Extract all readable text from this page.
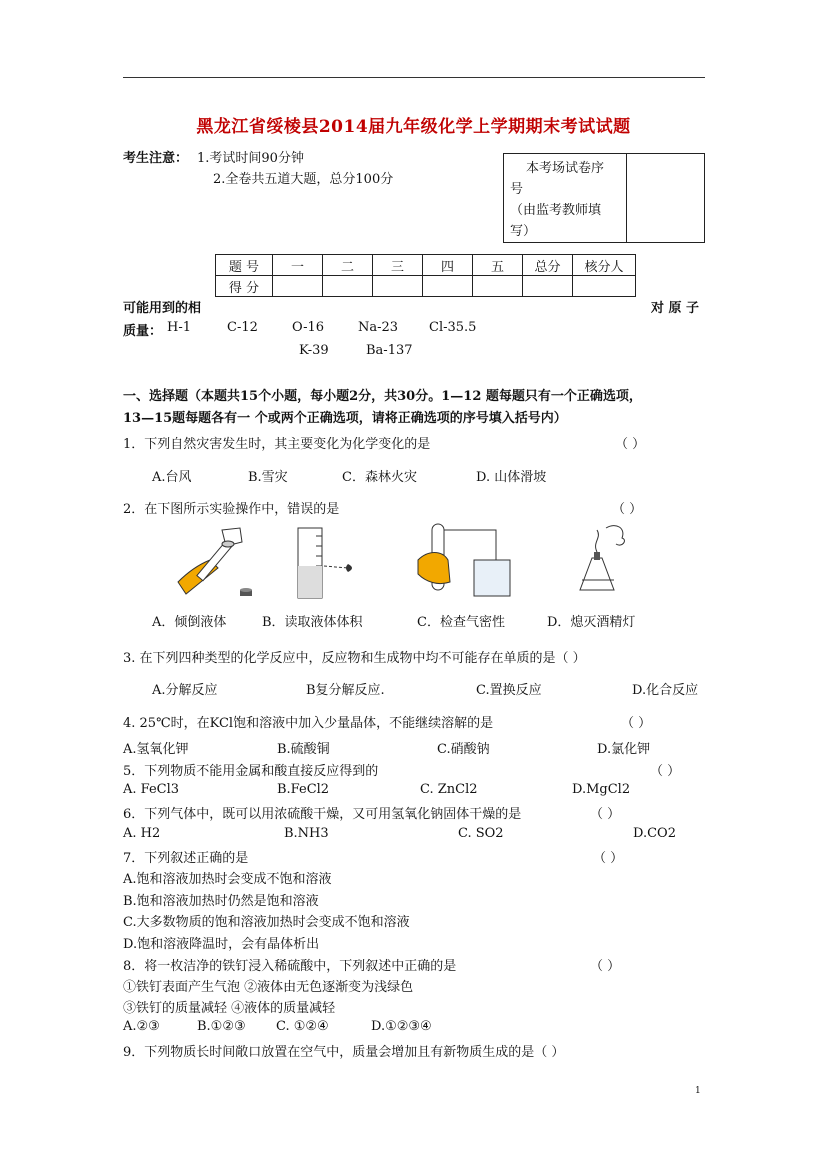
黑龙江省绥棱县2014届九年级化学上学期期末考试试题
考生注意： 1.考试时间90分钟
2.全卷共五道大题，总分100分
本考场试卷序
号
（由监考教师填
写）
题 号	一	二	三	四	五	总分	核分人
得 分							
可能用到的相	对 原 子
质量： H-1	C-12	O-16	Na-23 Cl-35.5
K-39	Ba-137
一、选择题（本题共15个小题，每小题2分，共30分。1—12 题每题只有一个正确选项，
13—15题每题各有一 个或两个正确选项，请将正确选项的序号填入括号内）
1．下列自然灾害发生时，其主要变化为化学变化的是	（ ）
A.台风	B.雪灾	C．森林火灾	D. 山体滑坡
2．在下图所示实验操作中，错误的是	（ ）
A．倾倒液体	B．读取液体体积	C．检查气密性	D．熄灭酒精灯
3. 在下列四种类型的化学反应中，反应物和生成物中均不可能存在单质的是（ ）
A.分解反应	B复分解反应.	C.置换反应	D.化合反应
4. 25℃时，在KCl饱和溶液中加入少量晶体，不能继续溶解的是	（ ）
A.氢氧化钾	B.硫酸铜	C.硝酸钠	D.氯化钾
5．下列物质不能用金属和酸直接反应得到的	（ ）
A. FeCl3	B.FeCl2	C. ZnCl2	D.MgCl2
6．下列气体中，既可以用浓硫酸干燥，又可用氢氧化钠固体干燥的是	（ ）
A. H2	B.NH3	C. SO2	D.CO2
7．下列叙述正确的是	（ ）
A.饱和溶液加热时会变成不饱和溶液
B.饱和溶液加热时仍然是饱和溶液
C.大多数物质的饱和溶液加热时会变成不饱和溶液
D.饱和溶液降温时，会有晶体析出
8．将一枚洁净的铁钉浸入稀硫酸中，下列叙述中正确的是	（ ）
①铁钉表面产生气泡 ②液体由无色逐渐变为浅绿色
③铁钉的质量减轻 ④液体的质量减轻
A.②③	B.①②③ C. ①②④	D.①②③④
9．下列物质长时间敞口放置在空气中，质量会增加且有新物质生成的是（ ）
1
